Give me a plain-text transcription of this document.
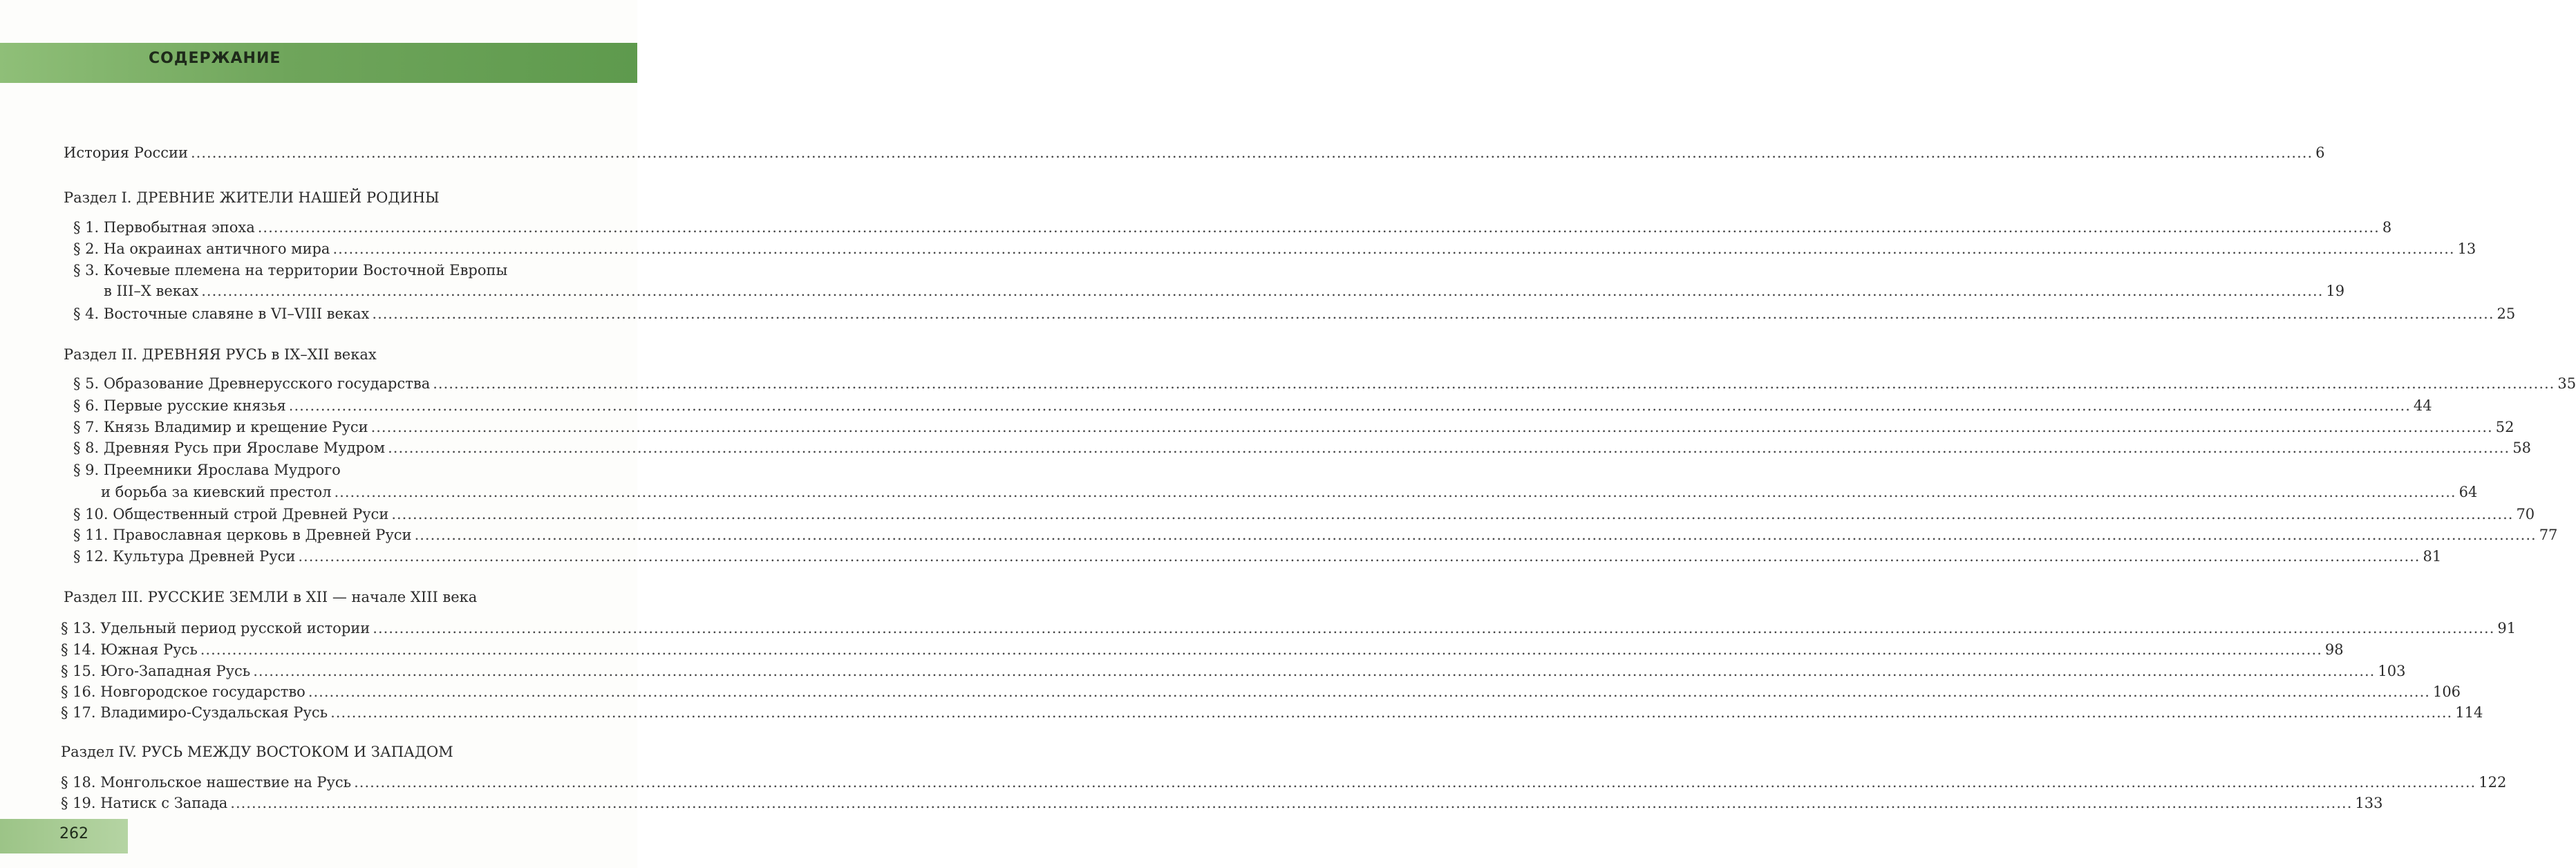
СОДЕРЖАНИЕ
История России ................................................................................................................................................................................................................................................................................................................................................................................................................ 6
Раздел I. ДРЕВНИЕ ЖИТЕЛИ НАШЕЙ РОДИНЫ
§ 1. Первобытная эпоха ................................................................................................................................................................................................................................................................................................................................................................................................................ 8
§ 2. На окраинах античного мира ................................................................................................................................................................................................................................................................................................................................................................................................................ 13
§ 3. Кочевые племена на территории Восточной Европы
в III–X веках ................................................................................................................................................................................................................................................................................................................................................................................................................ 19
§ 4. Восточные славяне в VI–VIII веках ................................................................................................................................................................................................................................................................................................................................................................................................................ 25
Раздел II. ДРЕВНЯЯ РУСЬ в IX–XII веках
§ 5. Образование Древнерусского государства ................................................................................................................................................................................................................................................................................................................................................................................................................ 35
§ 6. Первые русские князья ................................................................................................................................................................................................................................................................................................................................................................................................................ 44
§ 7. Князь Владимир и крещение Руси ................................................................................................................................................................................................................................................................................................................................................................................................................ 52
§ 8. Древняя Русь при Ярославе Мудром ................................................................................................................................................................................................................................................................................................................................................................................................................ 58
§ 9. Преемники Ярослава Мудрого
и борьба за киевский престол ................................................................................................................................................................................................................................................................................................................................................................................................................ 64
§ 10. Общественный строй Древней Руси ................................................................................................................................................................................................................................................................................................................................................................................................................ 70
§ 11. Православная церковь в Древней Руси ................................................................................................................................................................................................................................................................................................................................................................................................................ 77
§ 12. Культура Древней Руси ................................................................................................................................................................................................................................................................................................................................................................................................................ 81
Раздел III. РУССКИЕ ЗЕМЛИ в XII — начале XIII века
§ 13. Удельный период русской истории ................................................................................................................................................................................................................................................................................................................................................................................................................ 91
§ 14. Южная Русь ................................................................................................................................................................................................................................................................................................................................................................................................................ 98
§ 15. Юго-Западная Русь ................................................................................................................................................................................................................................................................................................................................................................................................................ 103
§ 16. Новгородское государство ................................................................................................................................................................................................................................................................................................................................................................................................................ 106
§ 17. Владимиро-Суздальская Русь ................................................................................................................................................................................................................................................................................................................................................................................................................ 114
Раздел IV. РУСЬ МЕЖДУ ВОСТОКОМ И ЗАПАДОМ
§ 18. Монгольское нашествие на Русь ................................................................................................................................................................................................................................................................................................................................................................................................................ 122
§ 19. Натиск с Запада ................................................................................................................................................................................................................................................................................................................................................................................................................ 133
262
